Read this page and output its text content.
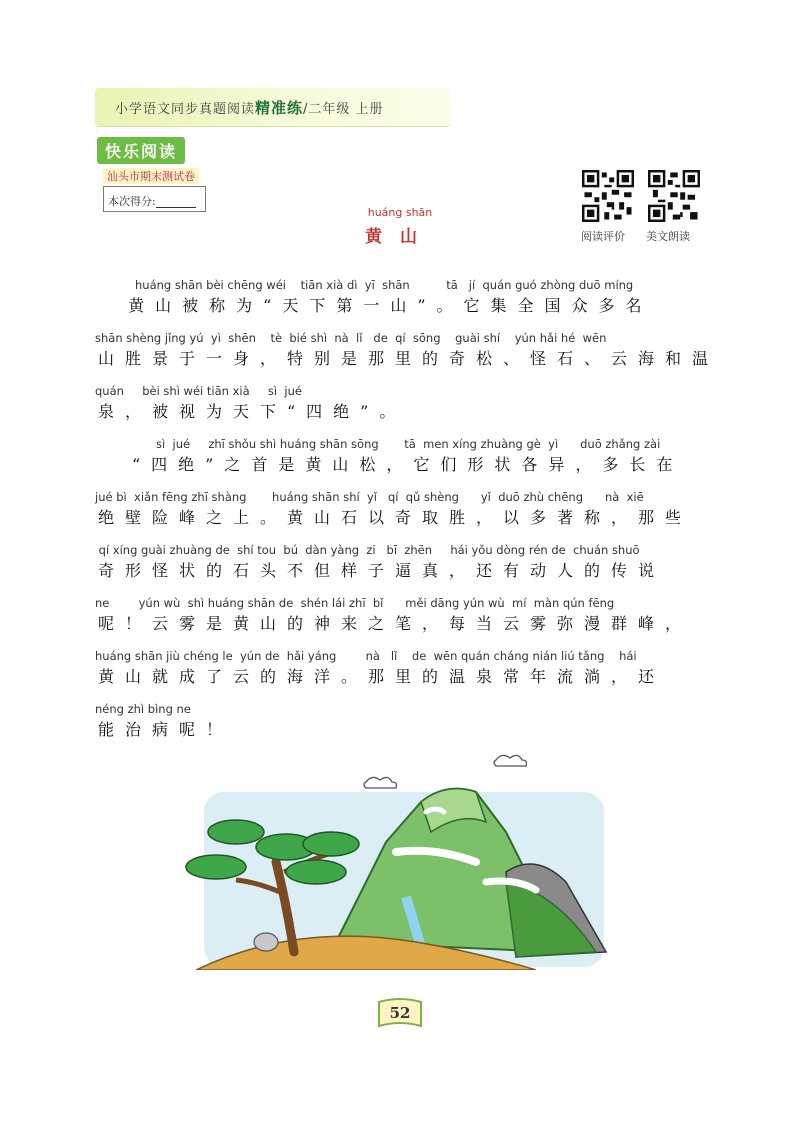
小学语文同步真题阅读精准练/二年级 上册
快乐阅读
汕头市期末测试卷
本次得分:
阅读评价 美文朗读
huáng shān
黄山
huáng shān bèi chēng wéi    tiān xià dì  yī  shān          tā   jí  quán guó zhòng duō míng
黄山被称为“天下第一山”。它集全国众多名
shān shèng jǐng yú  yì  shēn    tè  bié shì  nà  lǐ   de  qí  sōng    guài shí    yún hǎi hé  wēn
山胜景于一身，特别是那里的奇松、怪石、云海和温
quán     bèi shì wéi tiān xià     sì  jué
泉，被视为天下“四绝”。
sì  jué     zhī shǒu shì huáng shān sōng       tā  men xíng zhuàng gè  yì      duō zhǎng zài
“四绝”之首是黄山松，它们形状各异，多长在
jué bì  xiǎn fēng zhī shàng       huáng shān shí  yǐ   qí  qǔ shèng      yǐ  duō zhù chēng      nà  xiē
绝壁险峰之上。黄山石以奇取胜，以多著称，那些
qí xíng guài zhuàng de  shí tou  bú  dàn yàng  zi   bī  zhēn     hái yǒu dòng rén de  chuán shuō
奇形怪状的石头不但样子逼真，还有动人的传说
ne        yún wù  shì huáng shān de  shén lái zhī  bǐ      měi dāng yún wù  mí  màn qún fēng
呢！云雾是黄山的神来之笔，每当云雾弥漫群峰，
huáng shān jiù chéng le  yún de  hǎi yáng        nà   lǐ    de  wēn quán cháng nián liú tǎng    hái
黄山就成了云的海洋。那里的温泉常年流淌，还
néng zhì bìng ne
能治病呢！
52
